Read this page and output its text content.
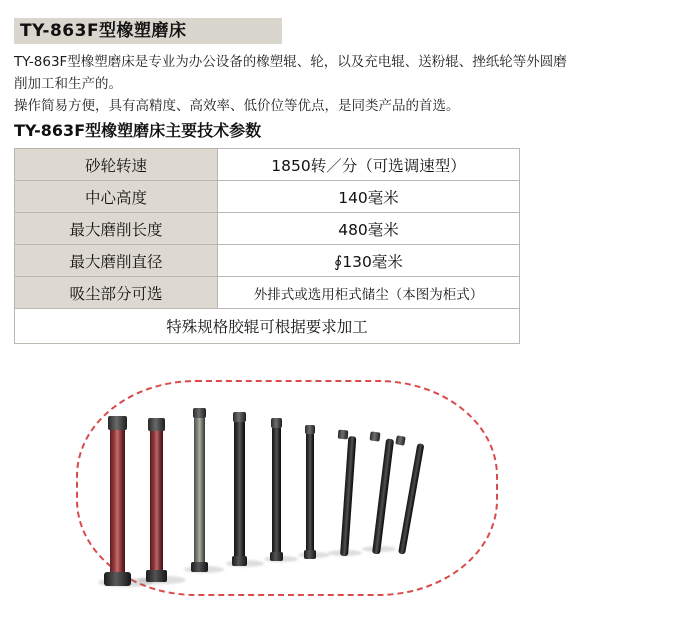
TY-863F型橡塑磨床

TY-863F型橡塑磨床是专业为办公设备的橡塑辊、轮，以及充电辊、送粉辊、挫纸轮等外圆磨

削加工和生产的。

操作简易方便，具有高精度、高效率、低价位等优点，是同类产品的首选。

TY-863F型橡塑磨床主要技术参数
砂轮转速	1850转／分（可选调速型）
中心高度	140毫米
最大磨削长度	480毫米
最大磨削直径	∮130毫米
吸尘部分可选	外排式或选用柜式储尘（本图为柜式）
特殊规格胶辊可根据要求加工	
